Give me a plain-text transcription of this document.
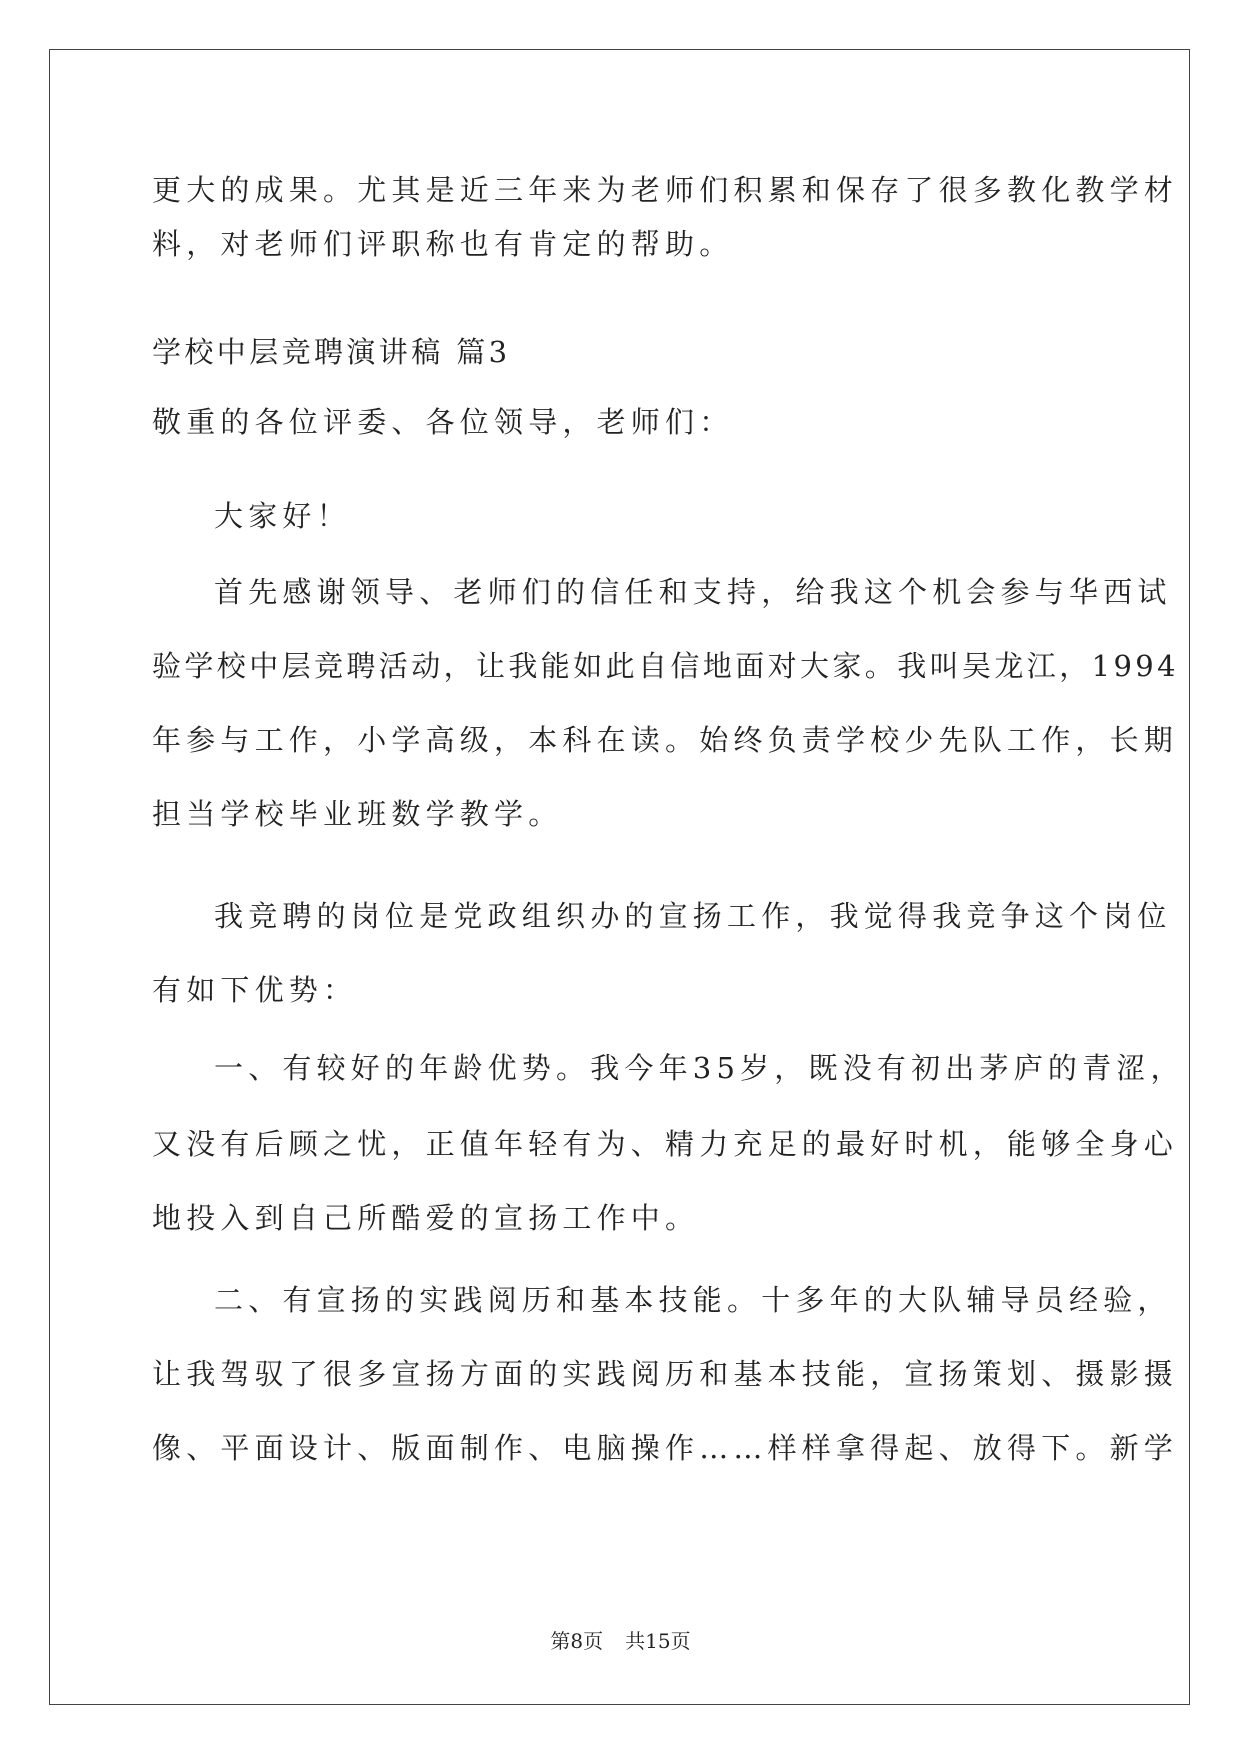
更大的成果。尤其是近三年来为老师们积累和保存了很多教化教学材
料，对老师们评职称也有肯定的帮助。
学校中层竞聘演讲稿 篇3
敬重的各位评委、各位领导，老师们：
大家好！
首先感谢领导、老师们的信任和支持，给我这个机会参与华西试
验学校中层竞聘活动，让我能如此自信地面对大家。我叫吴龙江，1994
年参与工作，小学高级，本科在读。始终负责学校少先队工作，长期
担当学校毕业班数学教学。
我竞聘的岗位是党政组织办的宣扬工作，我觉得我竞争这个岗位
有如下优势：
一、有较好的年龄优势。我今年35岁，既没有初出茅庐的青涩，
又没有后顾之忧，正值年轻有为、精力充足的最好时机，能够全身心
地投入到自己所酷爱的宣扬工作中。
二、有宣扬的实践阅历和基本技能。十多年的大队辅导员经验，
让我驾驭了很多宣扬方面的实践阅历和基本技能，宣扬策划、摄影摄
像、平面设计、版面制作、电脑操作……样样拿得起、放得下。新学
第8页 共15页
